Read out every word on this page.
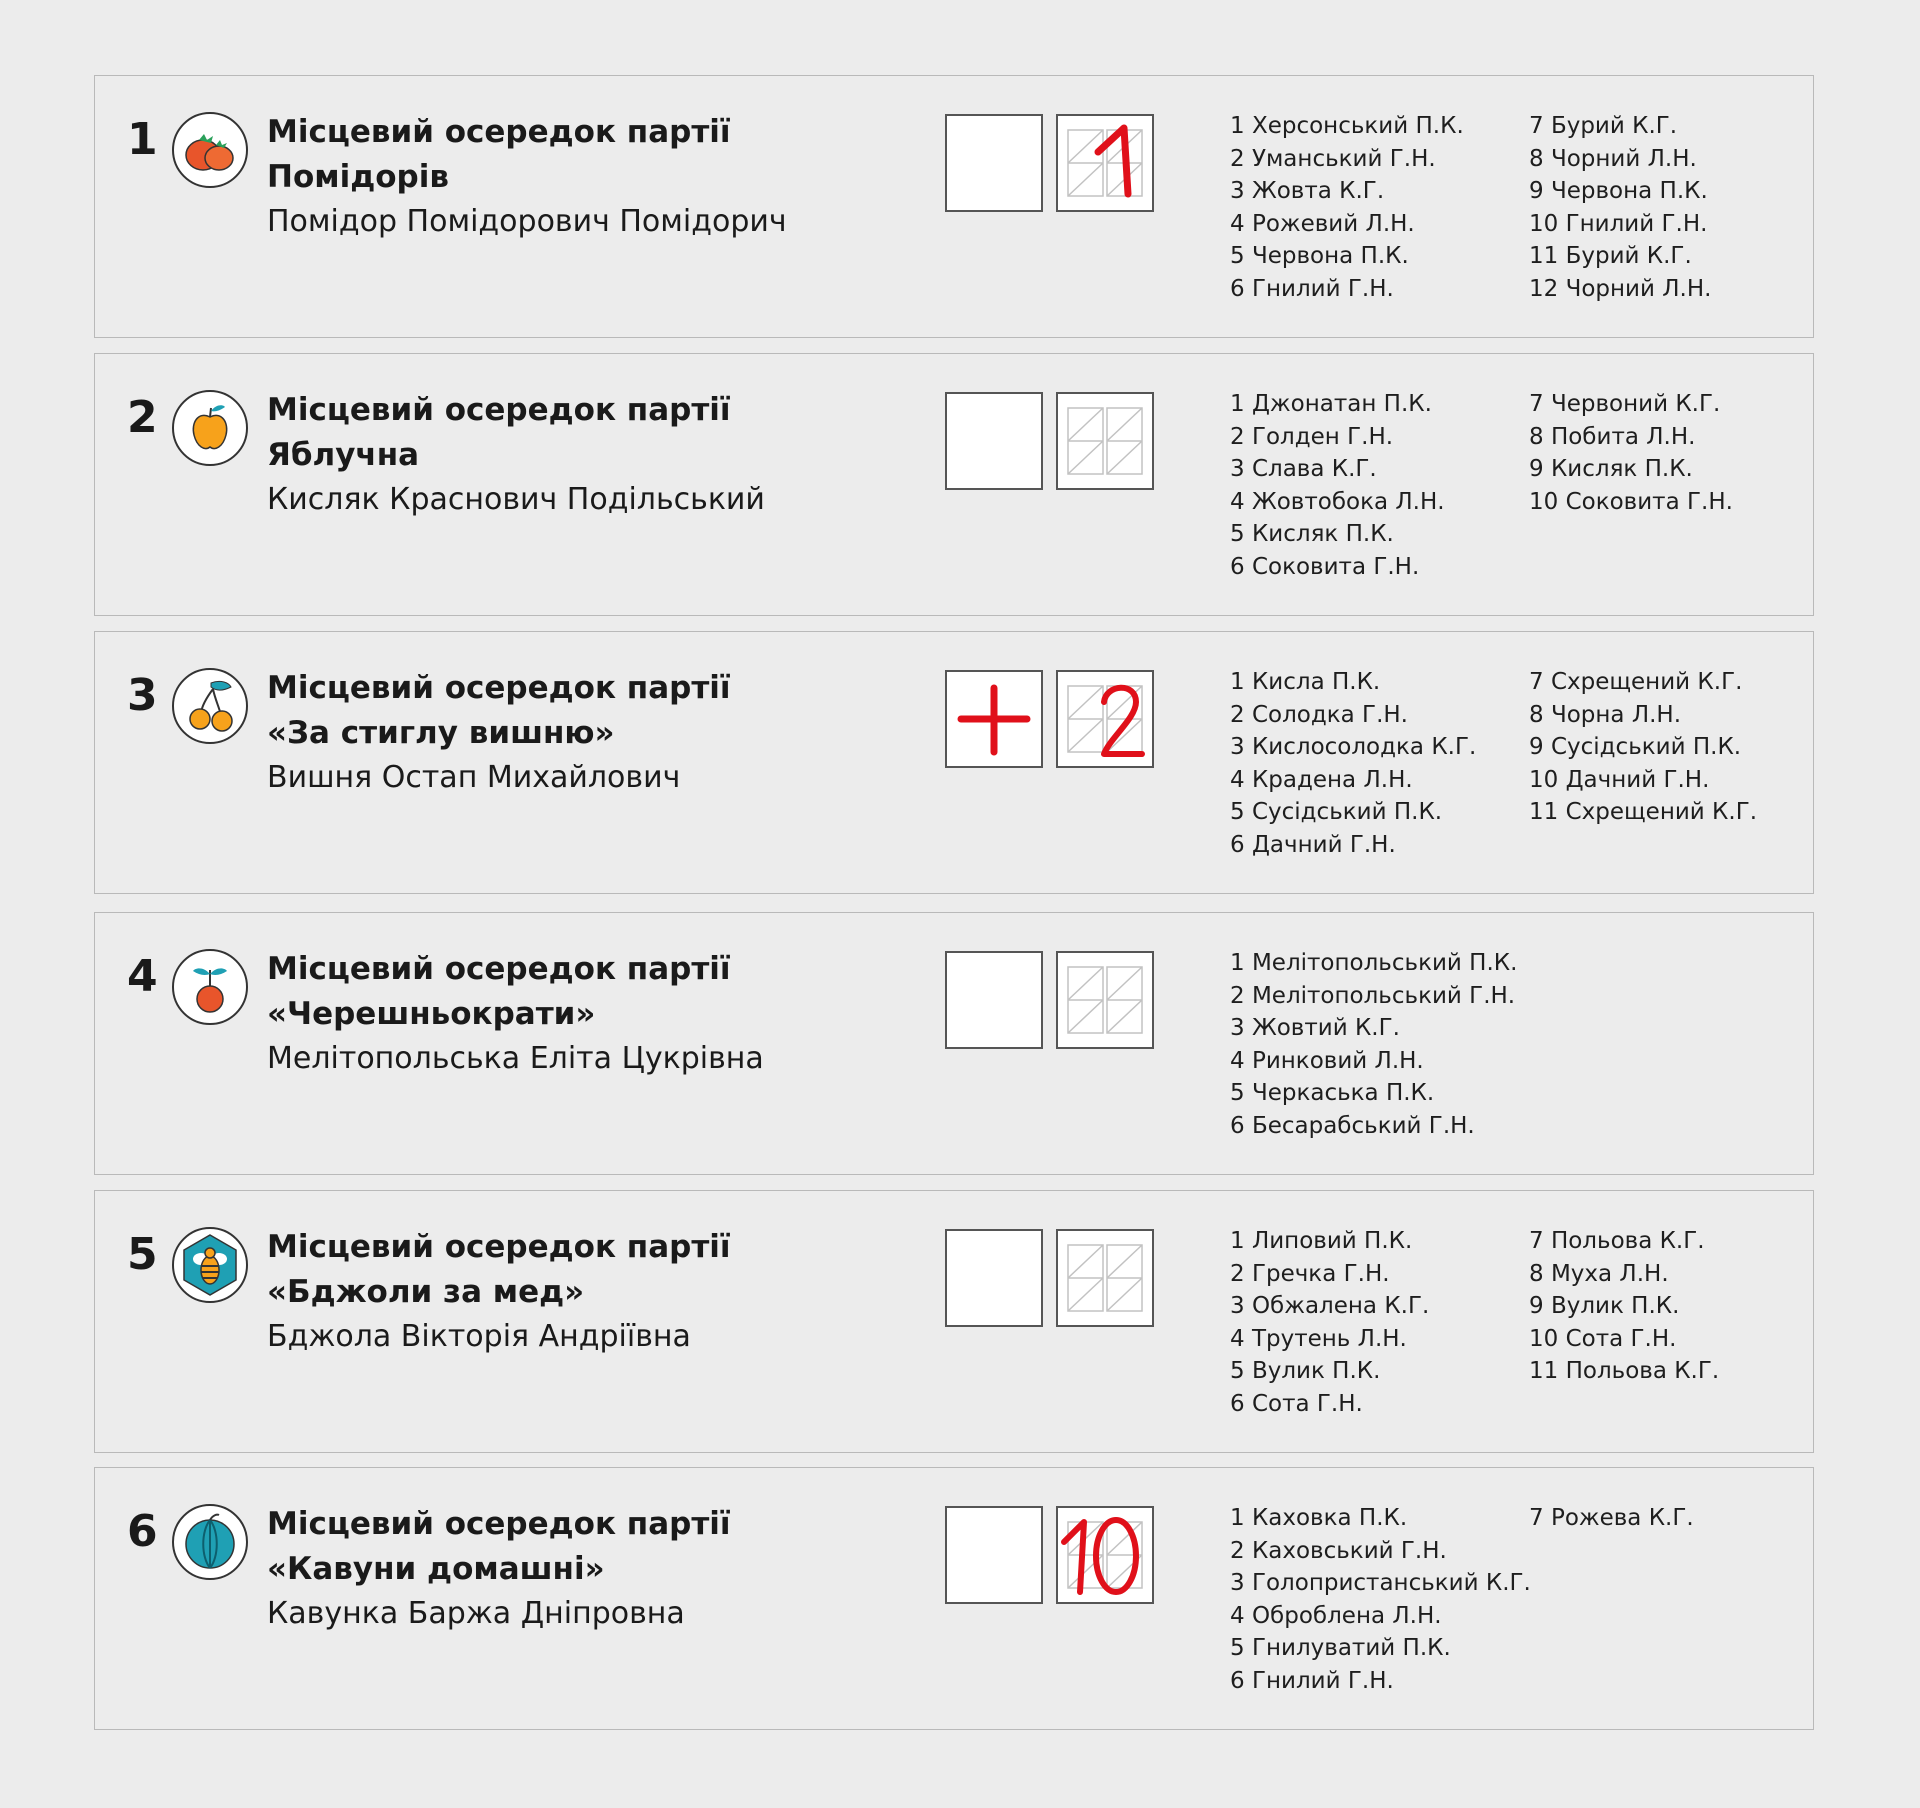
1	Місцевий осередок партії Помідорів
Помідор Помідорович Помідорич
1 Херсонський П.К.
2 Уманський Г.Н.
3 Жовта К.Г.
4 Рожевий Л.Н.
5 Червона П.К.
6 Гнилий Г.Н.
7 Бурий К.Г.
8 Чорний Л.Н.
9 Червона П.К.
10 Гнилий Г.Н.
11 Бурий К.Г.
12 Чорний Л.Н.
2	Місцевий осередок партії Яблучна
Кисляк Краснович Подільський
1 Джонатан П.К.
2 Голден Г.Н.
3 Слава К.Г.
4 Жовтобока Л.Н.
5 Кисляк П.К.
6 Соковита Г.Н.
7 Червоний К.Г.
8 Побита Л.Н.
9 Кисляк П.К.
10 Соковита Г.Н.
3	Місцевий осередок партії
«За стиглу вишню»
Вишня Остап Михайлович
1 Кисла П.К.
2 Солодка Г.Н.
3 Кислосолодка К.Г.
4 Крадена Л.Н.
5 Сусідський П.К.
6 Дачний Г.Н.
7 Схрещений К.Г.
8 Чорна Л.Н.
9 Сусідський П.К.
10 Дачний Г.Н.
11 Схрещений К.Г.
4	Місцевий осередок партії
«Черешньократи»
Мелітопольська Еліта Цукрівна
1 Мелітопольський П.К.
2 Мелітопольський Г.Н.
3 Жовтий К.Г.
4 Ринковий Л.Н.
5 Черкаська П.К.
6 Бесарабський Г.Н.
5	Місцевий осередок партії
«Бджоли за мед»
Бджола Вікторія Андріївна
1 Липовий П.К.
2 Гречка Г.Н.
3 Обжалена К.Г.
4 Трутень Л.Н.
5 Вулик П.К.
6 Сота Г.Н.
7 Польова К.Г.
8 Муха Л.Н.
9 Вулик П.К.
10 Сота Г.Н.
11 Польова К.Г.
6	Місцевий осередок партії
«Кавуни домашні»
Кавунка Баржа Дніпровна
1 Каховка П.К.
2 Каховський Г.Н.
3 Голопристанський К.Г.
4 Оброблена Л.Н.
5 Гнилуватий П.К.
6 Гнилий Г.Н.
7 Рожева К.Г.
